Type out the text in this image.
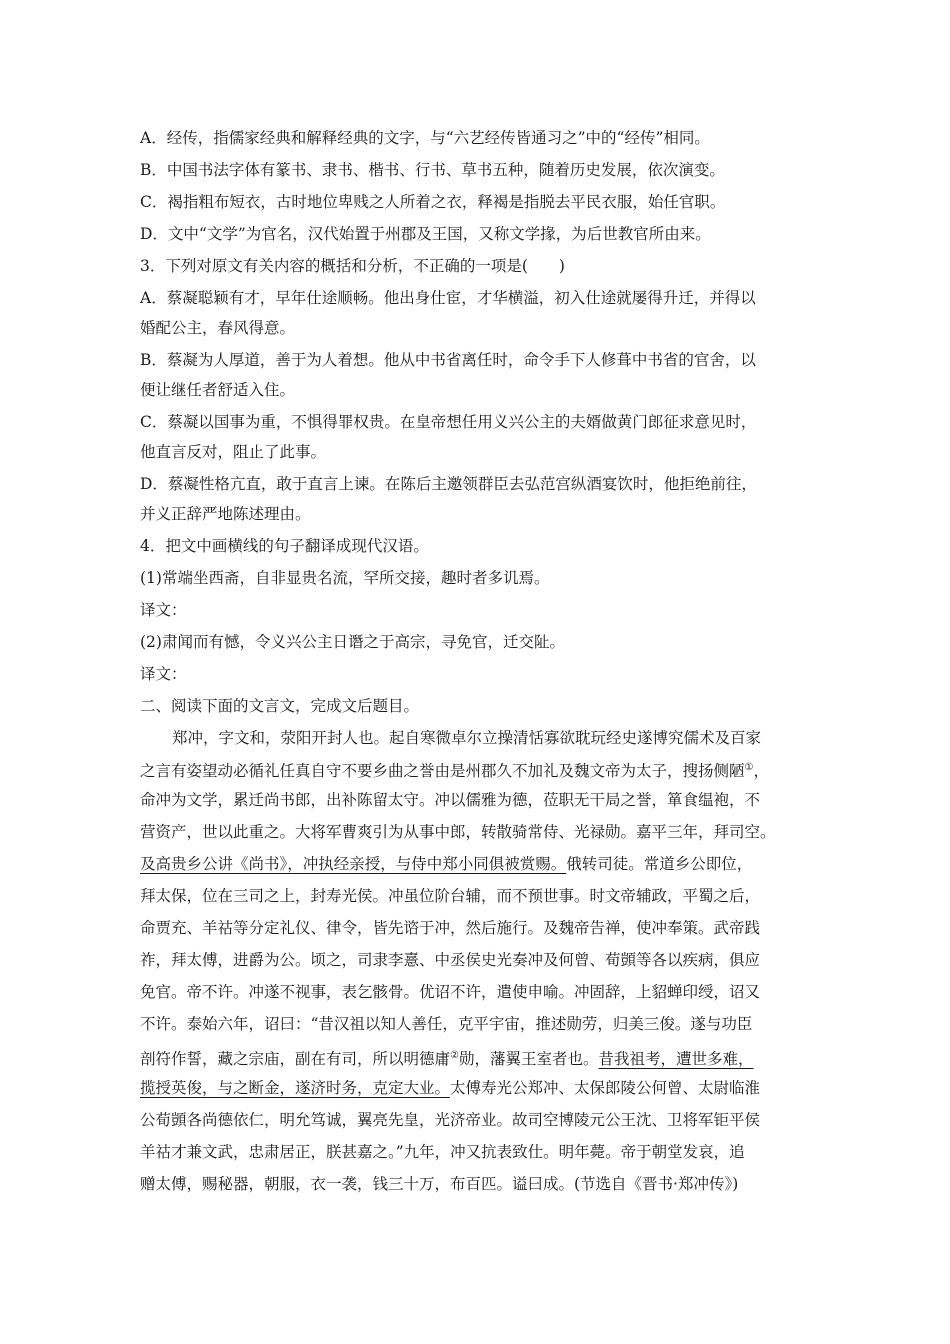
A．经传，指儒家经典和解释经典的文字，与“六艺经传皆通习之”中的“经传”相同。
B．中国书法字体有篆书、隶书、楷书、行书、草书五种，随着历史发展，依次演变。
C．褐指粗布短衣，古时地位卑贱之人所着之衣，释褐是指脱去平民衣服，始任官职。
D．文中“文学”为官名，汉代始置于州郡及王国，又称文学掾，为后世教官所由来。
3．下列对原文有关内容的概括和分析，不正确的一项是(　　)
A．蔡凝聪颖有才，早年仕途顺畅。他出身仕宦，才华横溢，初入仕途就屡得升迁，并得以
婚配公主，春风得意。
B．蔡凝为人厚道，善于为人着想。他从中书省离任时，命令手下人修葺中书省的官舍，以
便让继任者舒适入住。
C．蔡凝以国事为重，不惧得罪权贵。在皇帝想任用义兴公主的夫婿做黄门郎征求意见时，
他直言反对，阻止了此事。
D．蔡凝性格亢直，敢于直言上谏。在陈后主邀领群臣去弘范宫纵酒宴饮时，他拒绝前往，
并义正辞严地陈述理由。
4．把文中画横线的句子翻译成现代汉语。
(1)常端坐西斋，自非显贵名流，罕所交接，趣时者多讥焉。
译文：
(2)肃闻而有憾，令义兴公主日谮之于高宗，寻免官，迁交阯。
译文：
二、阅读下面的文言文，完成文后题目。
郑冲，字文和，荥阳开封人也。起自寒微卓尔立操清恬寡欲耽玩经史遂博究儒术及百家
之言有姿望动必循礼任真自守不要乡曲之誉由是州郡久不加礼及魏文帝为太子，搜扬侧陋①，
命冲为文学，累迁尚书郎，出补陈留太守。冲以儒雅为德，莅职无干局之誉，箪食缊袍，不
营资产，世以此重之。大将军曹爽引为从事中郎，转散骑常侍、光禄勋。嘉平三年，拜司空。
及高贵乡公讲《尚书》，冲执经亲授，与侍中郑小同俱被赏赐。俄转司徒。常道乡公即位，
拜太保，位在三司之上，封寿光侯。冲虽位阶台辅，而不预世事。时文帝辅政，平蜀之后，
命贾充、羊祜等分定礼仪、律令，皆先谘于冲，然后施行。及魏帝告禅，使冲奉策。武帝践
祚，拜太傅，进爵为公。顷之，司隶李憙、中丞侯史光奏冲及何曾、荀顗等各以疾病，俱应
免官。帝不许。冲遂不视事，表乞骸骨。优诏不许，遣使申喻。冲固辞，上貂蝉印绶，诏又
不许。泰始六年，诏曰：“昔汉祖以知人善任，克平宇宙，推述勋劳，归美三俊。遂与功臣
剖符作誓，藏之宗庙，副在有司，所以明德庸②勋，藩翼王室者也。昔我祖考，遭世多难，
揽授英俊，与之断金，遂济时务，克定大业。太傅寿光公郑冲、太保郎陵公何曾、太尉临淮
公荀顗各尚德依仁，明允笃诚，翼亮先皇，光济帝业。故司空博陵元公王沈、卫将军钜平侯
羊祜才兼文武，忠肃居正，朕甚嘉之。”九年，冲又抗表致仕。明年薨。帝于朝堂发哀，追
赠太傅，赐秘器，朝服，衣一袭，钱三十万，布百匹。谥曰成。(节选自《晋书·郑冲传》)
